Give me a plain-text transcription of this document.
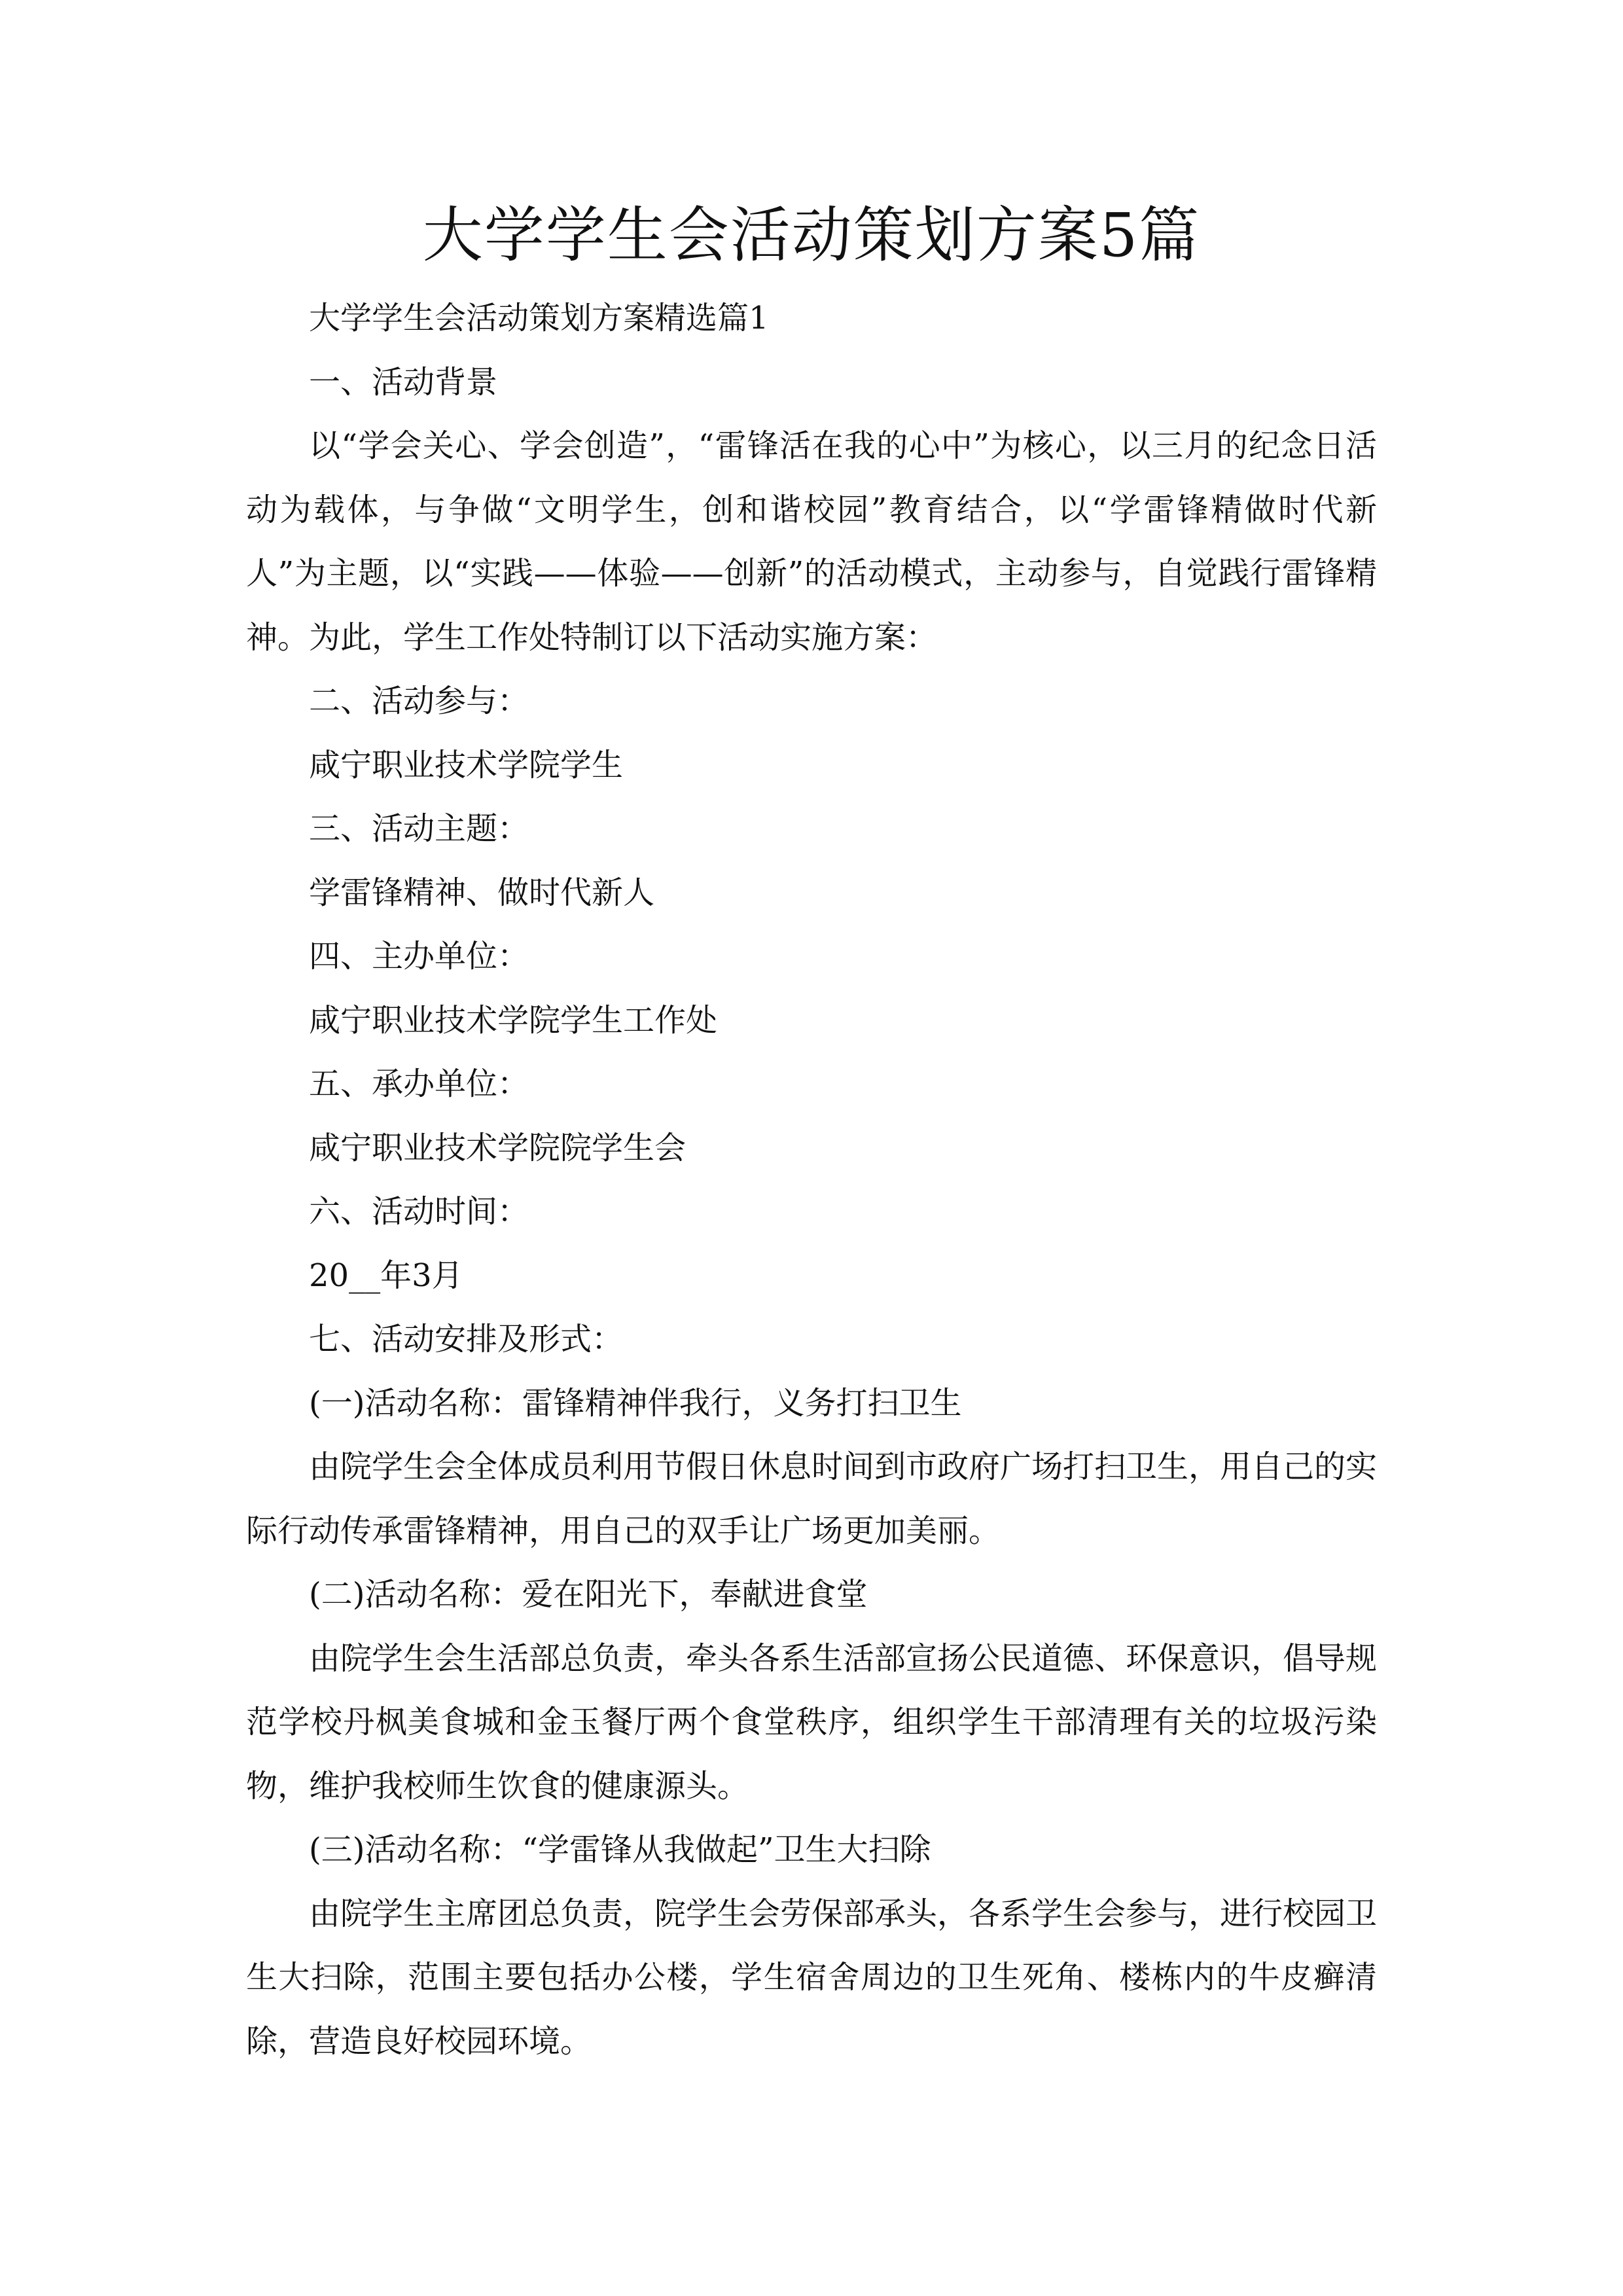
大学学生会活动策划方案5篇

大学学生会活动策划方案精选篇1

一、活动背景

以“学会关心、学会创造”，“雷锋活在我的心中”为核心，以三月的纪念日活动为载体，与争做“文明学生，创和谐校园”教育结合，以“学雷锋精做时代新人”为主题，以“实践——体验——创新”的活动模式，主动参与，自觉践行雷锋精神。为此，学生工作处特制订以下活动实施方案：

二、活动参与：

咸宁职业技术学院学生

三、活动主题：

学雷锋精神、做时代新人

四、主办单位：

咸宁职业技术学院学生工作处

五、承办单位：

咸宁职业技术学院院学生会

六、活动时间：

20__年3月

七、活动安排及形式：

(一)活动名称：雷锋精神伴我行，义务打扫卫生

由院学生会全体成员利用节假日休息时间到市政府广场打扫卫生，用自己的实际行动传承雷锋精神，用自己的双手让广场更加美丽。

(二)活动名称：爱在阳光下，奉献进食堂

由院学生会生活部总负责，牵头各系生活部宣扬公民道德、环保意识，倡导规范学校丹枫美食城和金玉餐厅两个食堂秩序，组织学生干部清理有关的垃圾污染物，维护我校师生饮食的健康源头。

(三)活动名称：“学雷锋从我做起”卫生大扫除

由院学生主席团总负责，院学生会劳保部承头，各系学生会参与，进行校园卫生大扫除，范围主要包括办公楼，学生宿舍周边的卫生死角、楼栋内的牛皮癣清除，营造良好校园环境。
